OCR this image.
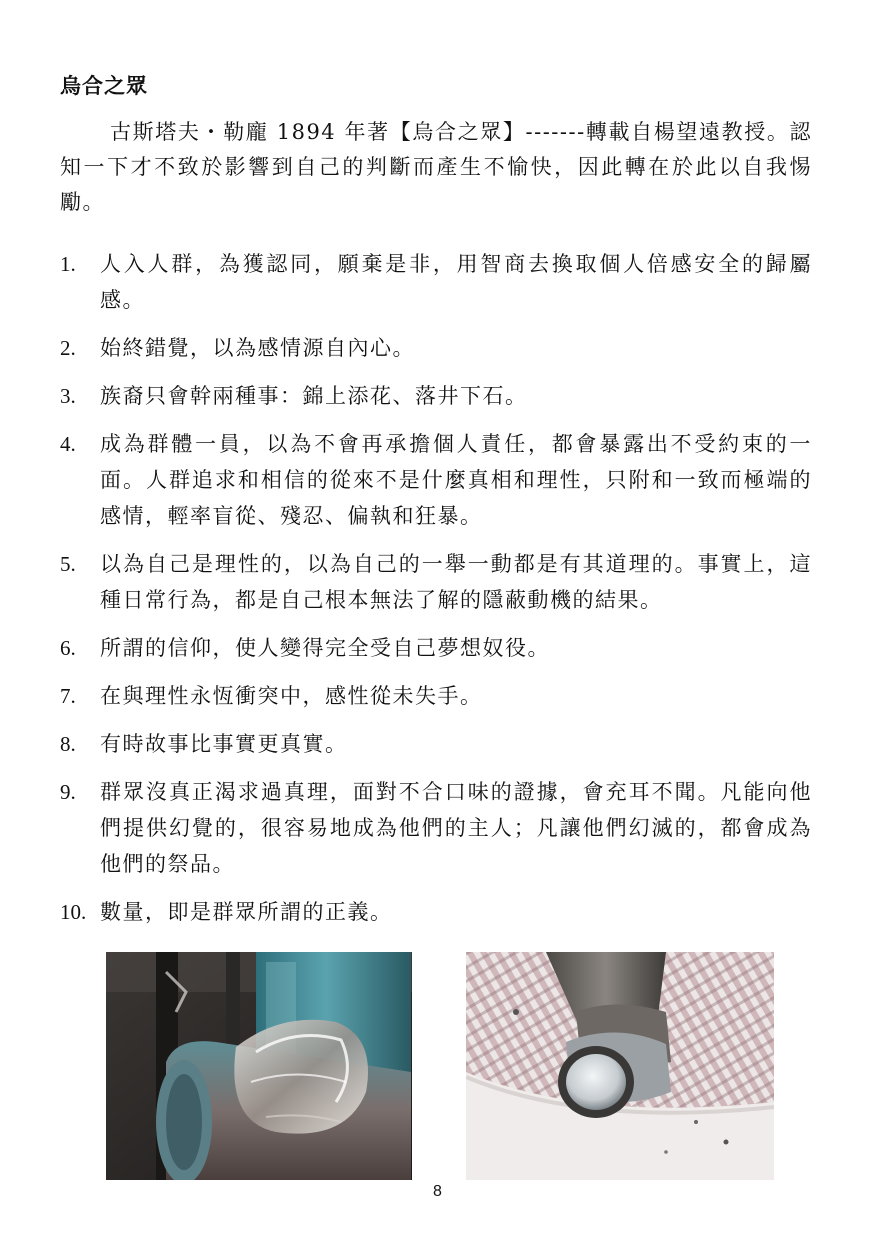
烏合之眾
古斯塔夫・勒龐 1894 年著【烏合之眾】-------轉載自楊望遠教授。認知一下才不致於影響到自己的判斷而產生不愉快，因此轉在於此以自我惕勵。
1. 人入人群，為獲認同，願棄是非，用智商去換取個人倍感安全的歸屬感。
2. 始終錯覺，以為感情源自內心。
3. 族裔只會幹兩種事：錦上添花、落井下石。
4. 成為群體一員，以為不會再承擔個人責任，都會暴露出不受約束的一面。人群追求和相信的從來不是什麼真相和理性，只附和一致而極端的感情，輕率盲從、殘忍、偏執和狂暴。
5. 以為自己是理性的，以為自己的一舉一動都是有其道理的。事實上，這種日常行為，都是自己根本無法了解的隱蔽動機的結果。
6. 所謂的信仰，使人變得完全受自己夢想奴役。
7. 在與理性永恆衝突中，感性從未失手。
8. 有時故事比事實更真實。
9. 群眾沒真正渴求過真理，面對不合口味的證據，會充耳不聞。凡能向他們提供幻覺的，很容易地成為他們的主人；凡讓他們幻滅的，都會成為他們的祭品。
10. 數量，即是群眾所謂的正義。
8
